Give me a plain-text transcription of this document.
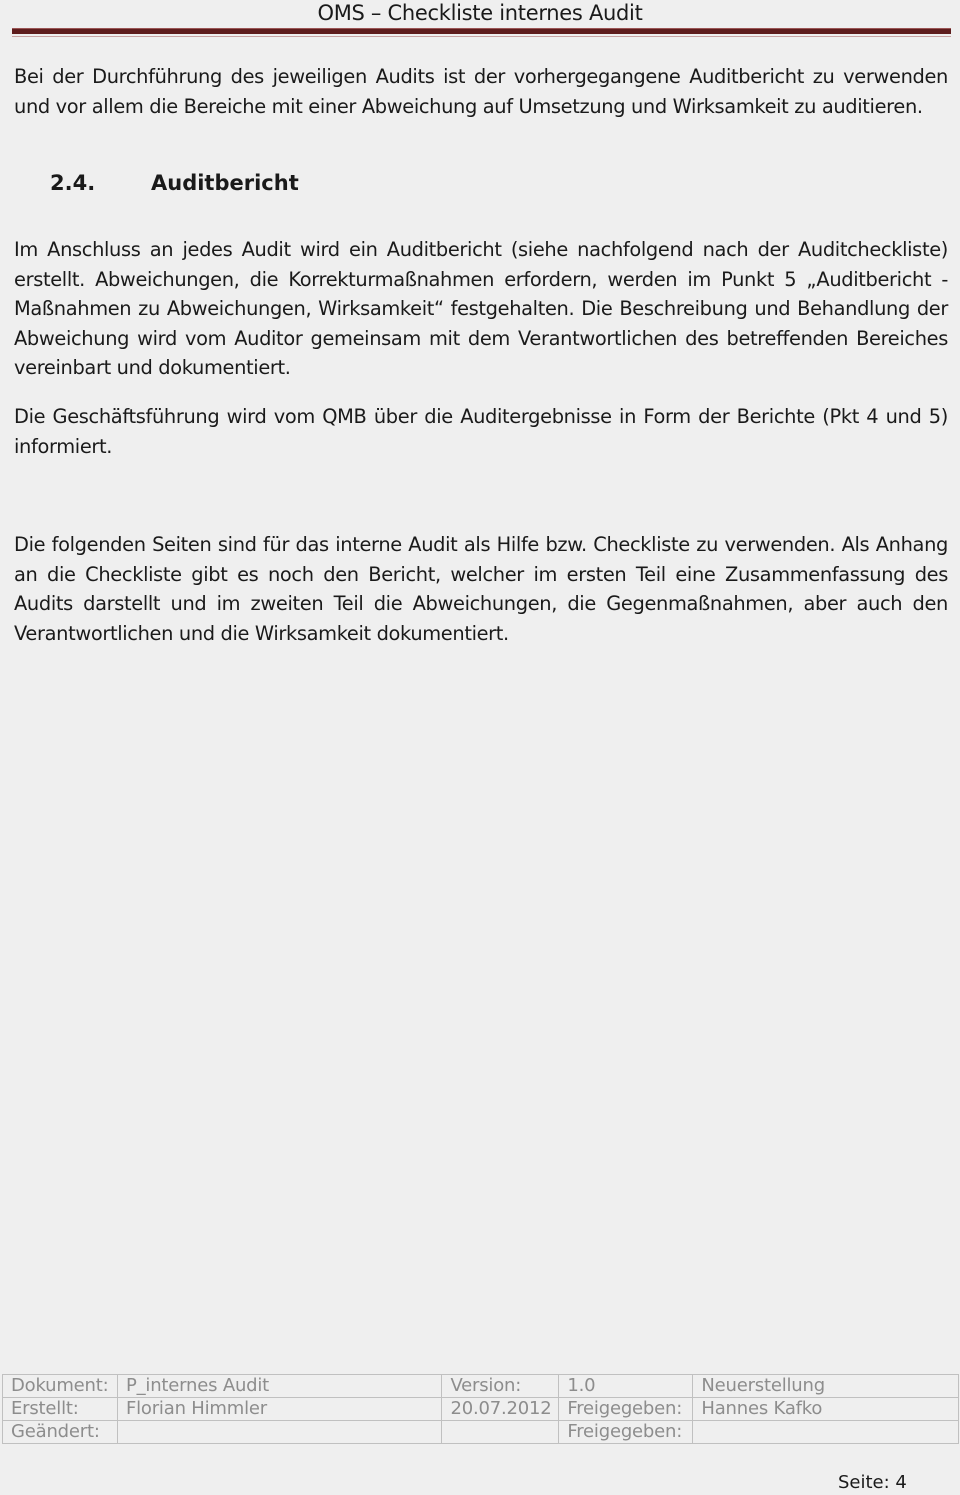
OMS – Checkliste internes Audit

Bei der Durchführung des jeweiligen Audits ist der vorhergegangene Auditbericht zu verwenden und vor allem die Bereiche mit einer Abweichung auf Umsetzung und Wirksamkeit zu auditieren.

2.4.	Auditbericht

Im Anschluss an jedes Audit wird ein Auditbericht (siehe nachfolgend nach der Auditcheckliste) erstellt. Abweichungen, die Korrekturmaßnahmen erfordern, werden im Punkt 5 „Auditbericht - Maßnahmen zu Abweichungen, Wirksamkeit“ festgehalten. Die Beschreibung und Behandlung der Abweichung wird vom Auditor gemeinsam mit dem Verantwortlichen des betreffenden Bereiches vereinbart und dokumentiert.

Die Geschäftsführung wird vom QMB über die Auditergebnisse in Form der Berichte (Pkt 4 und 5) informiert.

Die folgenden Seiten sind für das interne Audit als Hilfe bzw. Checkliste zu verwenden. Als Anhang an die Checkliste gibt es noch den Bericht, welcher im ersten Teil eine Zusammenfassung des Audits darstellt und im zweiten Teil die Abweichungen, die Gegenmaßnahmen, aber auch den Verantwortlichen und die Wirksamkeit dokumentiert.

Dokument:	P_internes Audit	Version:	1.0	Neuerstellung
Erstellt:	Florian Himmler	20.07.2012	Freigegeben:	Hannes Kafko
Geändert:			Freigegeben:	
Seite: 4
